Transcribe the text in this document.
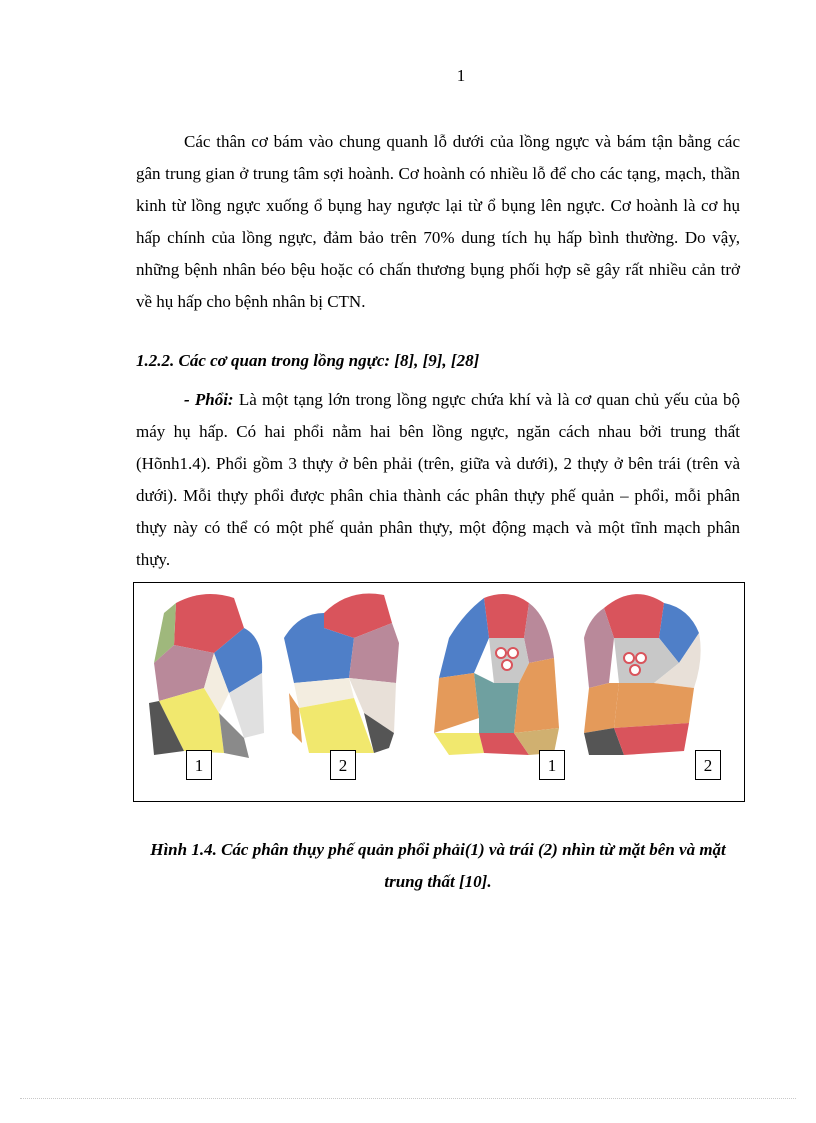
1
Các thân cơ bám vào chung quanh lỗ dưới của lồng ngực và bám tận bằng các gân trung gian ở trung tâm sợi hoành. Cơ hoành có nhiều lỗ để cho các tạng, mạch, thần kinh từ lồng ngực xuống ổ bụng hay ngược lại từ ổ bụng lên ngực. Cơ hoành là cơ hụ hấp chính của lồng ngực, đảm bảo trên 70% dung tích hụ hấp bình thường. Do vậy, những bệnh nhân béo bệu hoặc có chấn thương bụng phối hợp sẽ gây rất nhiều cản trở về hụ hấp cho bệnh nhân bị CTN.
1.2.2. Các cơ quan trong lồng ngực: [8], [9], [28]
- Phổi: Là một tạng lớn trong lồng ngực chứa khí và là cơ quan chủ yếu của bộ máy hụ hấp. Có hai phổi nằm hai bên lồng ngực, ngăn cách nhau bởi trung thất (Hõnh1.4). Phổi gồm 3 thựy ở bên phải (trên, giữa và dưới), 2 thựy ở bên trái (trên và dưới). Mỗi thựy phổi được phân chia thành các phân thựy phế quản – phổi, mỗi phân thựy này có thể có một phế quản phân thựy, một động mạch và một tĩnh mạch phân thựy.
1	2	1	2
Hình 1.4. Các phân thụy phế quản phổi phải(1) và trái (2) nhìn từ mặt bên và mặt trung thất [10].
